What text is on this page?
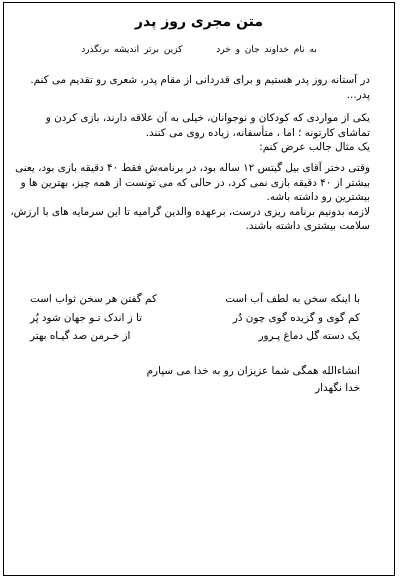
متن مجری روز پدر
به نام خداوند جان و خرد  کزین برتر اندیشه برنگذرد

در آستانه روز پدر هستیم و برای قدردانی از مقام پدر، شعری رو تقدیم می کنم.
پدر...

یکی از مواردی که کودکان و نوجوانان، خیلی به آن علاقه دارند، بازی کردن و
تماشای کارتونه ؛ اما ، متأسفانه، زیاده روی می کنند.
یک مثال جالب عرض کنم:

وقتی دختر آقای بیل گیتس ۱۲ ساله بود، در برنامه‌ش فقط ۴۰ دقیقه بازی بود، یعنی
بیشتر از ۴۰ دقیقه بازی نمی کرد، در حالی که می تونست از همه چیز، بهترین ها و
بیشترین رو داشته باشه.
لازمه بدونیم برنامه ریزی درست، برعهده والدین گرامیه تا این سرمایه های با ارزش،
سلامت بیشتری داشته باشند.

با اینکه سخن به لطف آب است
کم گفتن هر سخن ثواب است
کم گوی و گزیده گوی چون دُر
تا ز اندک تـو جهان شود پُر
یک دسته گل دماغ پـرور
از خـرمن صد گیـاه بهتر
انشاءالله همگی شما عزیزان رو به خدا می سپارم
خدا نگهدار
